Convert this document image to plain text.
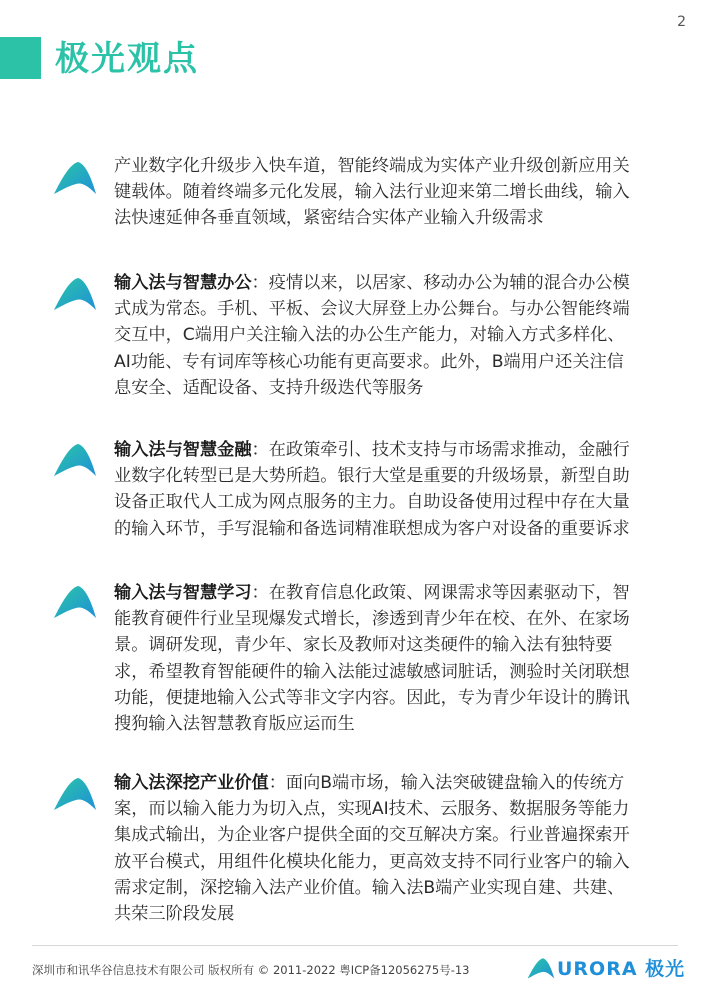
2
极光观点

产业数字化升级步入快车道，智能终端成为实体产业升级创新应用关键载体。随着终端多元化发展，输入法行业迎来第二增长曲线，输入法快速延伸各垂直领域，紧密结合实体产业输入升级需求

输入法与智慧办公：疫情以来，以居家、移动办公为辅的混合办公模式成为常态。手机、平板、会议大屏登上办公舞台。与办公智能终端交互中，C端用户关注输入法的办公生产能力，对输入方式多样化、AI功能、专有词库等核心功能有更高要求。此外，B端用户还关注信息安全、适配设备、支持升级迭代等服务

输入法与智慧金融：在政策牵引、技术支持与市场需求推动，金融行业数字化转型已是大势所趋。银行大堂是重要的升级场景，新型自助设备正取代人工成为网点服务的主力。自助设备使用过程中存在大量的输入环节，手写混输和备选词精准联想成为客户对设备的重要诉求

输入法与智慧学习：在教育信息化政策、网课需求等因素驱动下，智能教育硬件行业呈现爆发式增长，渗透到青少年在校、在外、在家场景。调研发现，青少年、家长及教师对这类硬件的输入法有独特要求，希望教育智能硬件的输入法能过滤敏感词脏话，测验时关闭联想功能，便捷地输入公式等非文字内容。因此，专为青少年设计的腾讯搜狗输入法智慧教育版应运而生

输入法深挖产业价值：面向B端市场，输入法突破键盘输入的传统方案，而以输入能力为切入点，实现AI技术、云服务、数据服务等能力集成式输出，为企业客户提供全面的交互解决方案。行业普遍探索开放平台模式，用组件化模块化能力，更高效支持不同行业客户的输入需求定制，深挖输入法产业价值。输入法B端产业实现自建、共建、共荣三阶段发展

深圳市和讯华谷信息技术有限公司 版权所有 © 2011-2022 粤ICP备12056275号-13	URORA 极光
